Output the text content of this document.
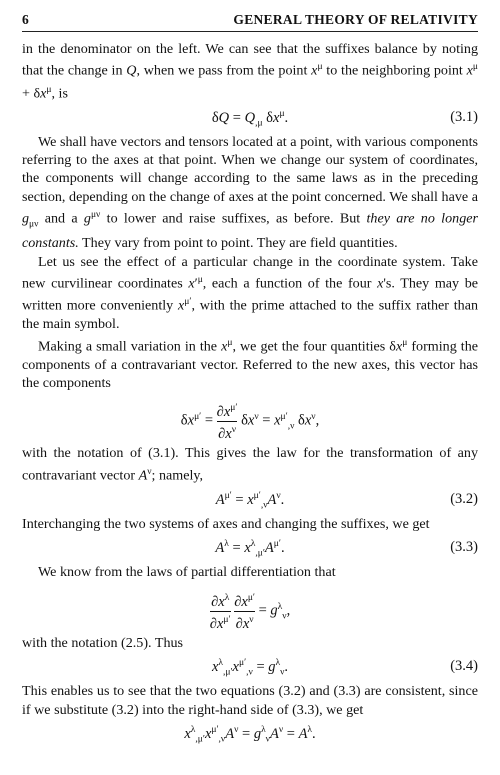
6	GENERAL THEORY OF RELATIVITY

in the denominator on the left. We can see that the suffixes balance by noting that the change in Q, when we pass from the point $x^\mu$ to the neighboring point $x^\mu + \delta x^\mu$, is

$\delta Q = Q_{,\mu}$ $\delta x^\mu$.	(3.1)

We shall have vectors and tensors located at a point, with various components referring to the axes at that point. When we change our system of coordinates, the components will change according to the same laws as in the preceding section, depending on the change of axes at the point concerned. We shall have a $g_{\mu\nu}$ and a $g^{\mu\nu}$ to lower and raise suffixes, as before. But they are no longer constants. They vary from point to point. They are field quantities.

Let us see the effect of a particular change in the coordinate system. Take new curvilinear coordinates $x'^\mu$, each a function of the four x's. They may be written more conveniently $x^{\mu'}$, with the prime attached to the suffix rather than the main symbol.

Making a small variation in the $x^\mu$, we get the four quantities $\delta x^\mu$ forming the components of a contravariant vector. Referred to the new axes, this vector has the components

$\delta x^{\mu'} = \frac{\partial x^{\mu'}}{\partial x^\nu} \delta x^\nu = x^{\mu'}_{,\nu}$ $\delta x^\nu$,

with the notation of (3.1). This gives the law for the transformation of any contravariant vector $A^\nu$; namely,

$A^{\mu'} = x^{\mu'}_{,\nu}A^\nu$.	(3.2)

Interchanging the two systems of axes and changing the suffixes, we get

$A^\lambda = x^\lambda_{,\mu'}A^{\mu'}$.	(3.3)

We know from the laws of partial differentiation that

$\frac{\partial x^\lambda}{\partial x^{\mu'}}$
$\frac{\partial x^{\mu'}}{\partial x^\nu} = g^\lambda_\nu$,

with the notation (2.5). Thus

$x^\lambda_{,\mu'}x^{\mu'}_{,\nu} = g^\lambda_\nu$.	(3.4)

This enables us to see that the two equations (3.2) and (3.3) are consistent, since if we substitute (3.2) into the right-hand side of (3.3), we get

$x^\lambda_{,\mu'}x^{\mu'}_{,\nu}A^\nu = g^\lambda_\nu A^\nu = A^\lambda$.
